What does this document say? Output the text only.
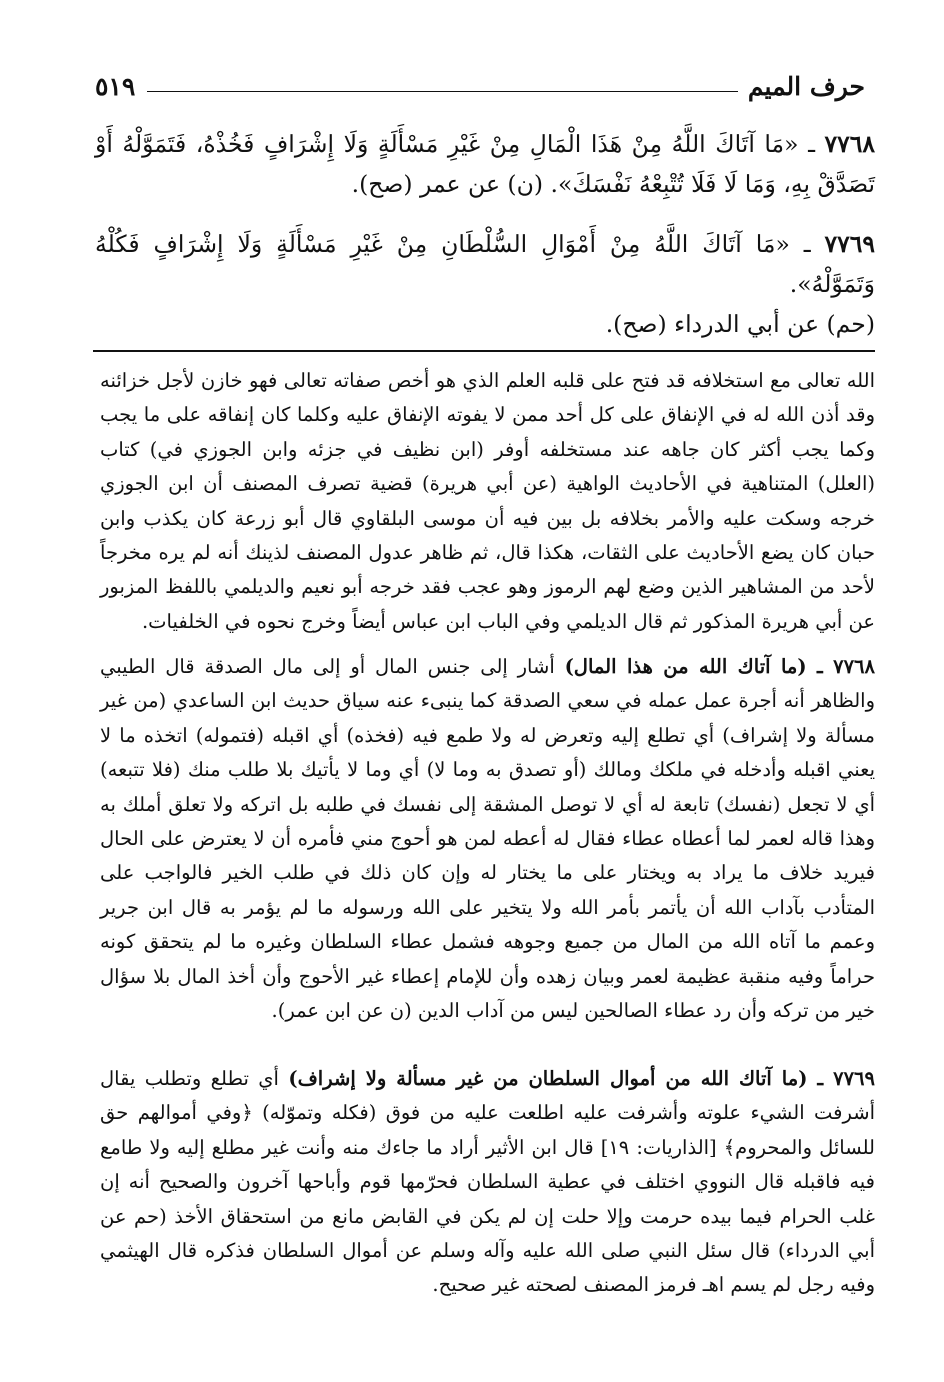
حرف الميم
٥١٩
٧٧٦٨ ـ «مَا آتَاكَ اللَّهُ مِنْ هَذَا الْمَالِ مِنْ غَيْرِ مَسْأَلَةٍ وَلَا إِشْرَافٍ فَخُذْهُ، فَتَمَوَّلْهُ أَوْ تَصَدَّقْ بِهِ، وَمَا لَا فَلَا تُتْبِعْهُ نَفْسَكَ». (ن) عن عمر (صح).
٧٧٦٩ ـ «مَا آتَاكَ اللَّهُ مِنْ أَمْوَالِ السُّلْطَانِ مِنْ غَيْرِ مَسْأَلَةٍ وَلَا إِشْرَافٍ فَكُلْهُ وَتَمَوَّلْهُ».
(حم) عن أبي الدرداء (صح).
الله تعالى مع استخلافه قد فتح على قلبه العلم الذي هو أخص صفاته تعالى فهو خازن لأجل خزائنه وقد أذن الله له في الإنفاق على كل أحد ممن لا يفوته الإنفاق عليه وكلما كان إنفاقه على ما يجب وكما يجب أكثر كان جاهه عند مستخلفه أوفر (ابن نظيف في جزئه وابن الجوزي في) كتاب (العلل) المتناهية في الأحاديث الواهية (عن أبي هريرة) قضية تصرف المصنف أن ابن الجوزي خرجه وسكت عليه والأمر بخلافه بل بين فيه أن موسى البلقاوي قال أبو زرعة كان يكذب وابن حبان كان يضع الأحاديث على الثقات، هكذا قال، ثم ظاهر عدول المصنف لذينك أنه لم يره مخرجاً لأحد من المشاهير الذين وضع لهم الرموز وهو عجب فقد خرجه أبو نعيم والديلمي باللفظ المزبور عن أبي هريرة المذكور ثم قال الديلمي وفي الباب ابن عباس أيضاً وخرج نحوه في الخلفيات.
٧٧٦٨ ـ (ما آتاك الله من هذا المال) أشار إلى جنس المال أو إلى مال الصدقة قال الطيبي والظاهر أنه أجرة عمل عمله في سعي الصدقة كما ينبىء عنه سياق حديث ابن الساعدي (من غير مسألة ولا إشراف) أي تطلع إليه وتعرض له ولا طمع فيه (فخذه) أي اقبله (فتموله) اتخذه ما لا يعني اقبله وأدخله في ملكك ومالك (أو تصدق به وما لا) أي وما لا يأتيك بلا طلب منك (فلا تتبعه) أي لا تجعل (نفسك) تابعة له أي لا توصل المشقة إلى نفسك في طلبه بل اتركه ولا تعلق أملك به وهذا قاله لعمر لما أعطاه عطاء فقال له أعطه لمن هو أحوج مني فأمره أن لا يعترض على الحال فيريد خلاف ما يراد به ويختار على ما يختار له وإن كان ذلك في طلب الخير فالواجب على المتأدب بآداب الله أن يأتمر بأمر الله ولا يتخير على الله ورسوله ما لم يؤمر به قال ابن جرير وعمم ما آتاه الله من المال من جميع وجوهه فشمل عطاء السلطان وغيره ما لم يتحقق كونه حراماً وفيه منقبة عظيمة لعمر وبيان زهده وأن للإمام إعطاء غير الأحوج وأن أخذ المال بلا سؤال خير من تركه وأن رد عطاء الصالحين ليس من آداب الدين (ن عن ابن عمر).
٧٧٦٩ ـ (ما آتاك الله من أموال السلطان من غير مسألة ولا إشراف) أي تطلع وتطلب يقال أشرفت الشيء علوته وأشرفت عليه اطلعت عليه من فوق (فكله وتموّله) ﴿وفي أموالهم حق للسائل والمحروم﴾ [الذاريات: ١٩] قال ابن الأثير أراد ما جاءك منه وأنت غير مطلع إليه ولا طامع فيه فاقبله قال النووي اختلف في عطية السلطان فحرّمها قوم وأباحها آخرون والصحيح أنه إن غلب الحرام فيما بيده حرمت وإلا حلت إن لم يكن في القابض مانع من استحقاق الأخذ (حم عن أبي الدرداء) قال سئل النبي صلى الله عليه وآله وسلم عن أموال السلطان فذكره قال الهيثمي وفيه رجل لم يسم اهـ فرمز المصنف لصحته غير صحيح.
